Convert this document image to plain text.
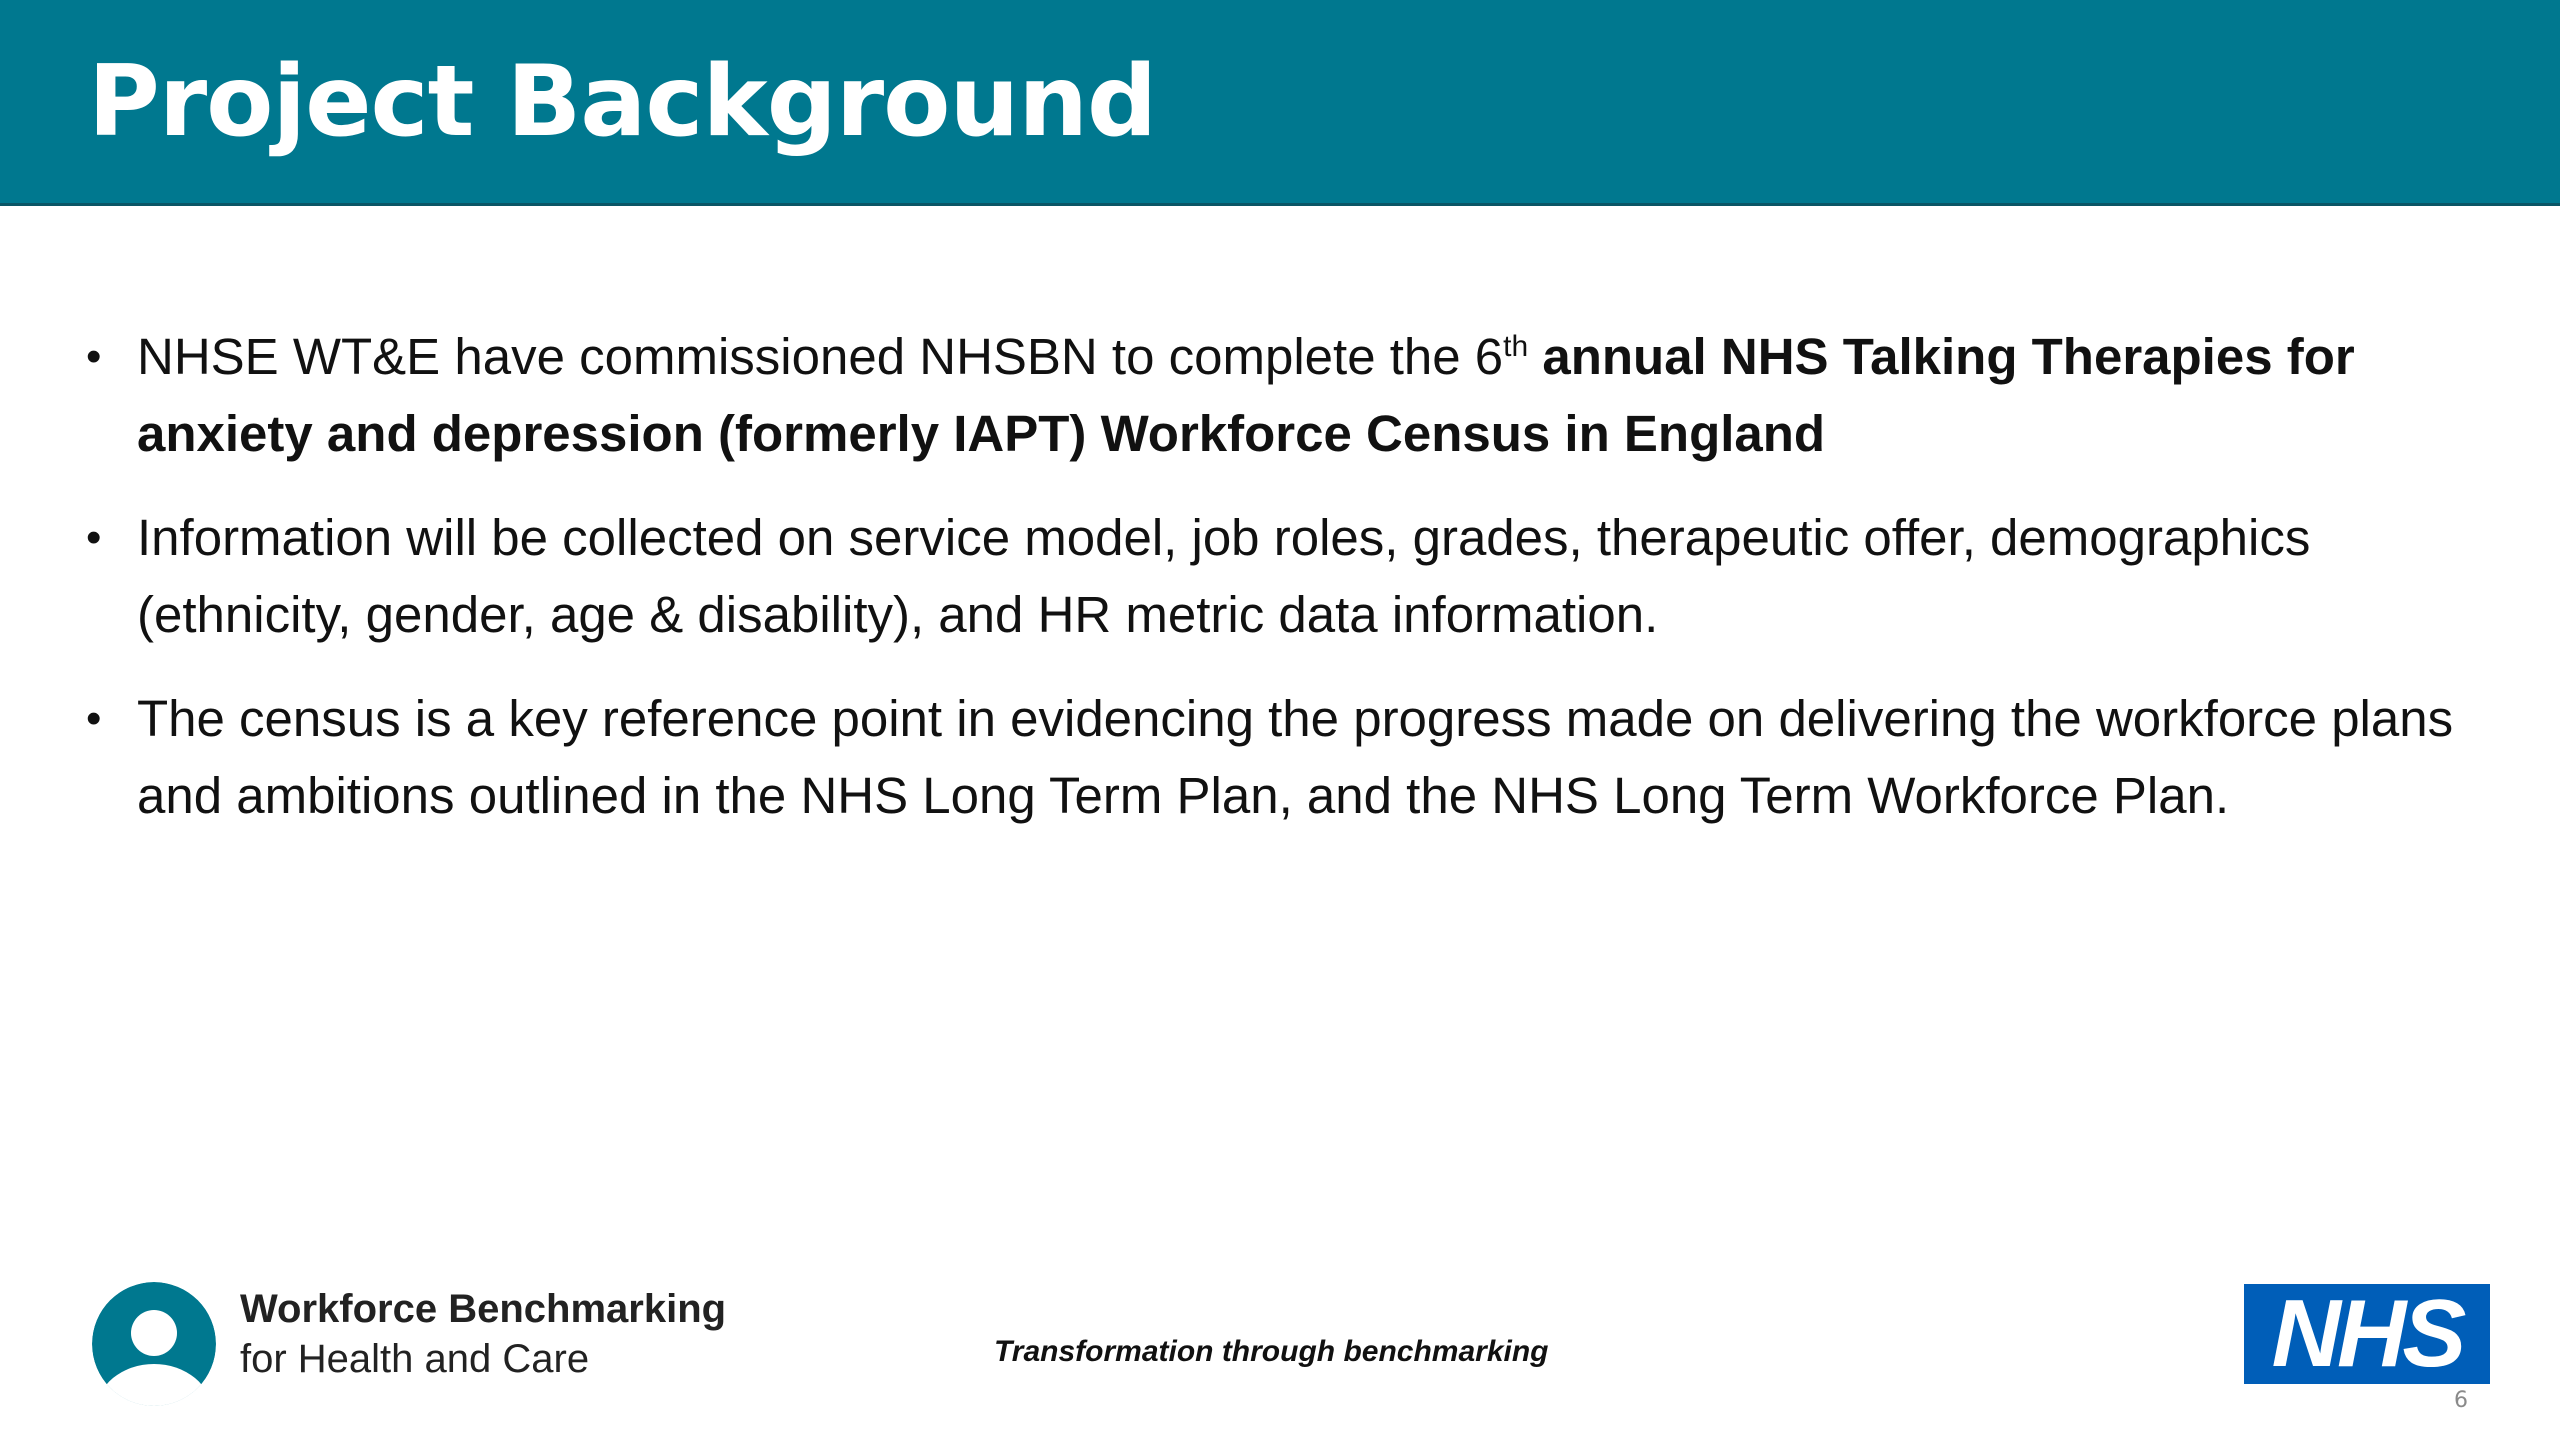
Project Background
• NHSE WT&E have commissioned NHSBN to complete the 6th annual NHS Talking Therapies for anxiety and depression (formerly IAPT) Workforce Census in England
• Information will be collected on service model, job roles, grades, therapeutic offer, demographics (ethnicity, gender, age & disability), and HR metric data information.
• The census is a key reference point in evidencing the progress made on delivering the workforce plans and ambitions outlined in the NHS Long Term Plan, and the NHS Long Term Workforce Plan.
Workforce Benchmarking
for Health and Care	Transformation through benchmarking	NHS
6
